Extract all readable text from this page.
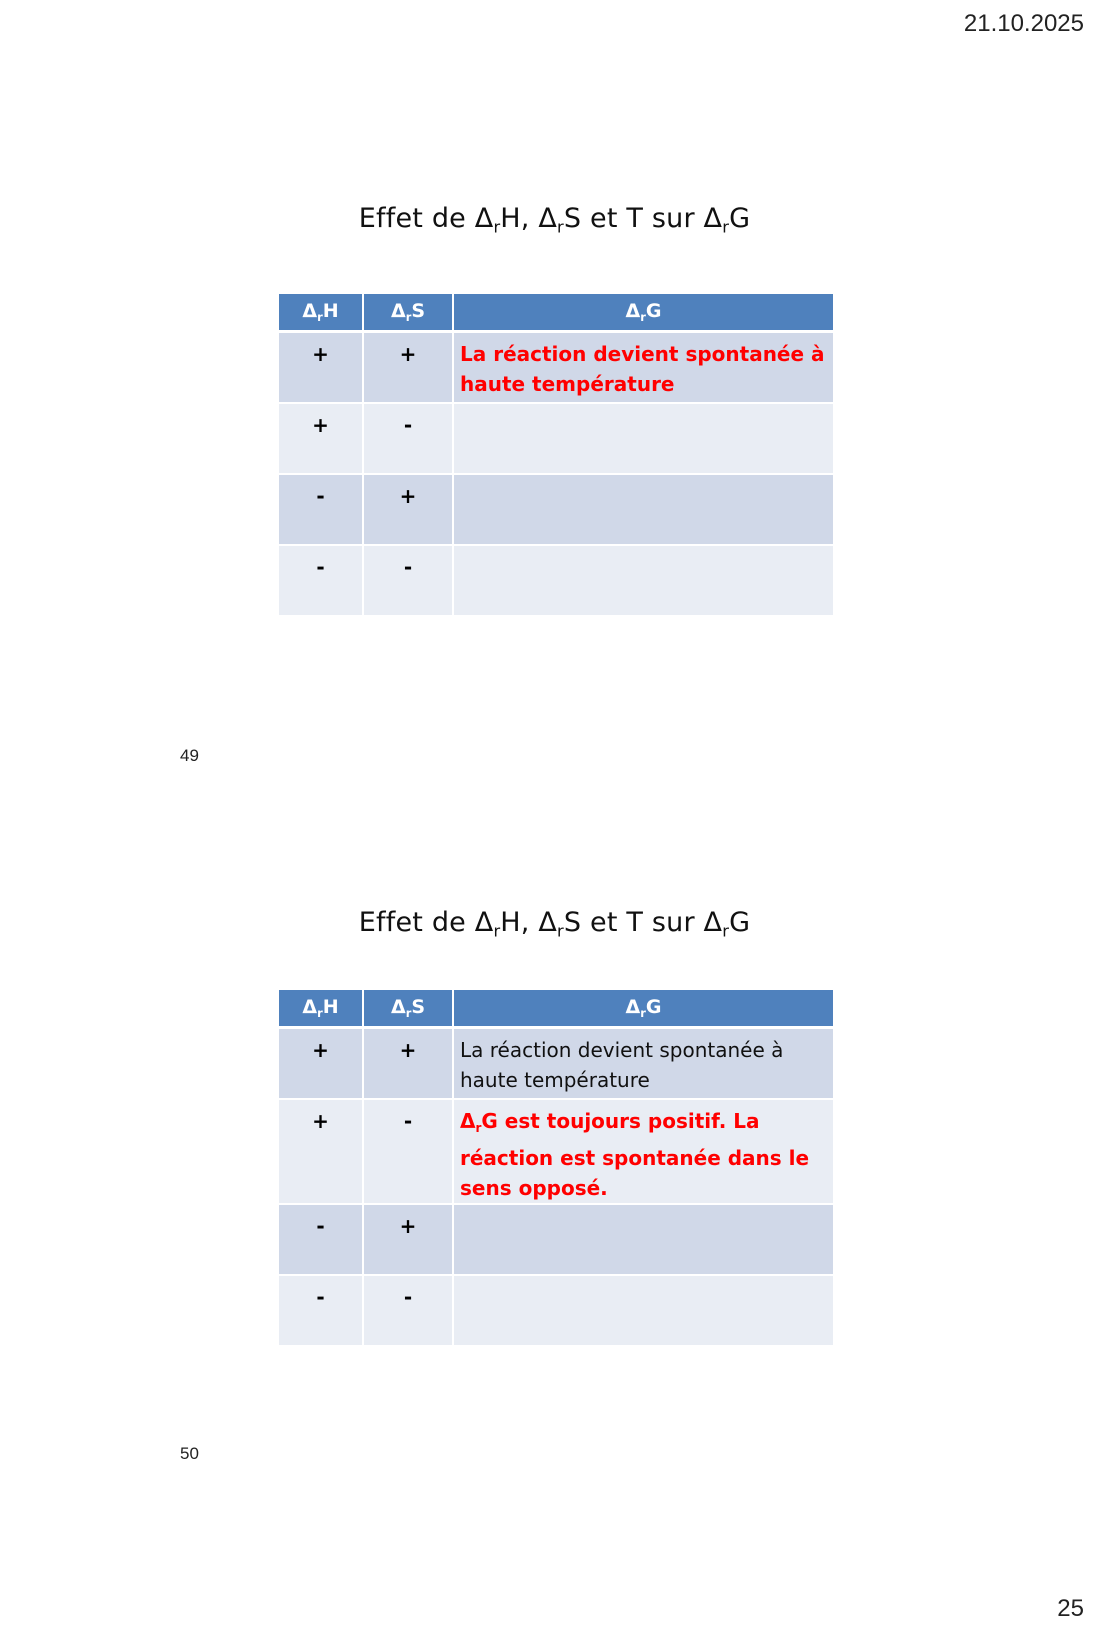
21.10.2025
Effet de $\Delta_rH$, $\Delta_rS$ et T sur $\Delta_rG$
$\Delta_rH$	$\Delta_rS$	$\Delta_rG$
+	+	La réaction devient spontanée à haute température
+	-	
-	+	
-	-	
49
Effet de $\Delta_rH$, $\Delta_rS$ et T sur $\Delta_rG$
$\Delta_rH$	$\Delta_rS$	$\Delta_rG$
+	+	La réaction devient spontanée à haute température
+	-	$\Delta_rG$ est toujours positif. La réaction est spontanée dans le sens opposé.
-	+	
-	-	
50
25
